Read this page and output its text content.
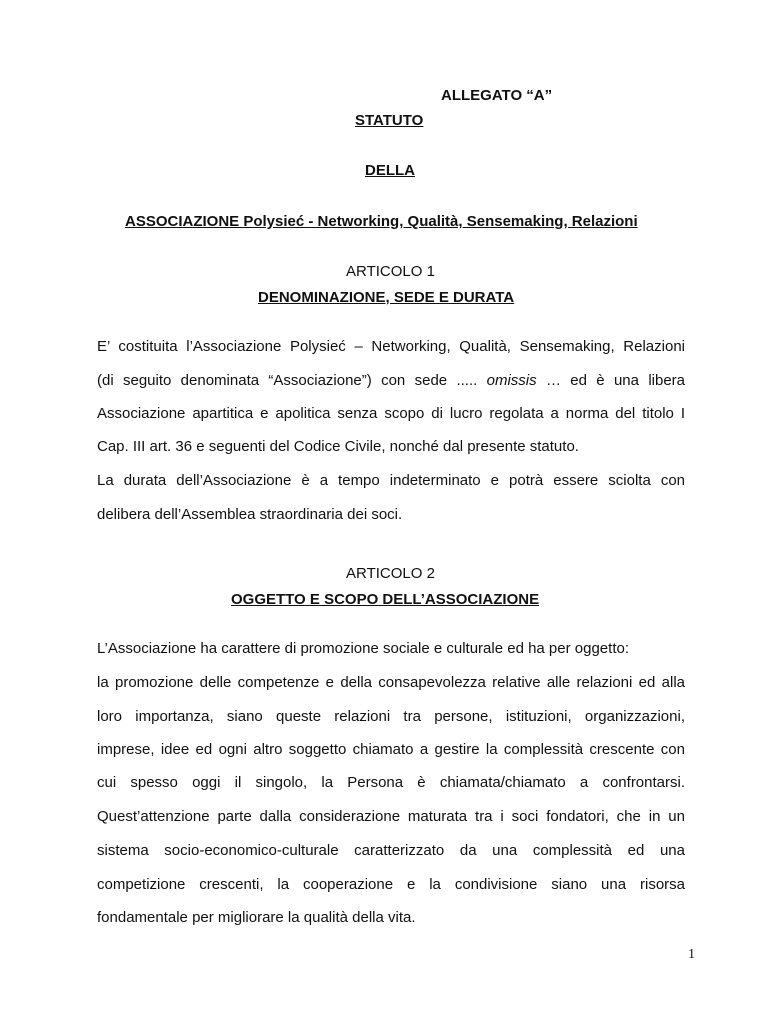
ALLEGATO “A”
STATUTO
DELLA
ASSOCIAZIONE Polysieć - Networking, Qualità, Sensemaking, Relazioni
ARTICOLO 1
DENOMINAZIONE, SEDE E DURATA
E’ costituita l’Associazione Polysieć – Networking, Qualità, Sensemaking, Relazioni
(di seguito denominata “Associazione”) con sede ..... omissis … ed è una libera
Associazione apartitica e apolitica senza scopo di lucro regolata a norma del titolo I
Cap. III art. 36 e seguenti del Codice Civile, nonché dal presente statuto.
La durata dell’Associazione è a tempo indeterminato e potrà essere sciolta con
delibera dell’Assemblea straordinaria dei soci.
ARTICOLO 2
OGGETTO E SCOPO DELL’ASSOCIAZIONE
L’Associazione ha carattere di promozione sociale e culturale ed ha per oggetto:
la promozione delle competenze e della consapevolezza relative alle relazioni ed alla
loro importanza, siano queste relazioni tra persone, istituzioni, organizzazioni,
imprese, idee ed ogni altro soggetto chiamato a gestire la complessità crescente con
cui spesso oggi il singolo, la Persona è chiamata/chiamato a confrontarsi.
Quest’attenzione parte dalla considerazione maturata tra i soci fondatori, che in un
sistema socio-economico-culturale caratterizzato da una complessità ed una
competizione crescenti, la cooperazione e la condivisione siano una risorsa
fondamentale per migliorare la qualità della vita.
1
